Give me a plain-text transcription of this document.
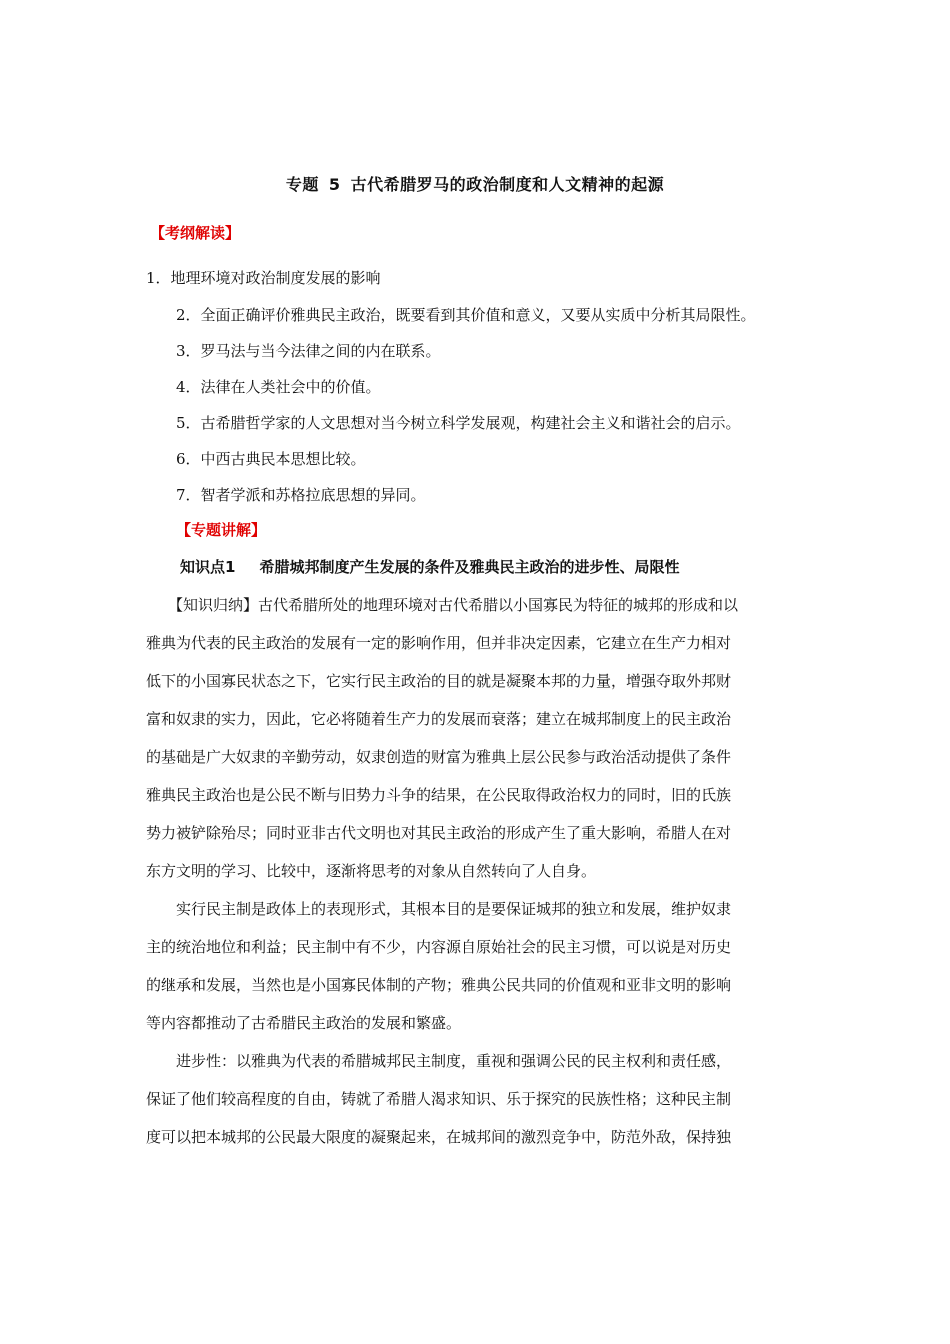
专题 5 古代希腊罗马的政治制度和人文精神的起源
【考纲解读】
1．地理环境对政治制度发展的影响
2．全面正确评价雅典民主政治，既要看到其价值和意义，又要从实质中分析其局限性。
3．罗马法与当今法律之间的内在联系。
4．法律在人类社会中的价值。
5．古希腊哲学家的人文思想对当今树立科学发展观，构建社会主义和谐社会的启示。
6．中西古典民本思想比较。
7．智者学派和苏格拉底思想的异同。
【专题讲解】
知识点1 希腊城邦制度产生发展的条件及雅典民主政治的进步性、局限性
【知识归纳】古代希腊所处的地理环境对古代希腊以小国寡民为特征的城邦的形成和以
雅典为代表的民主政治的发展有一定的影响作用，但并非决定因素，它建立在生产力相对
低下的小国寡民状态之下，它实行民主政治的目的就是凝聚本邦的力量，增强夺取外邦财
富和奴隶的实力，因此，它必将随着生产力的发展而衰落；建立在城邦制度上的民主政治
的基础是广大奴隶的辛勤劳动，奴隶创造的财富为雅典上层公民参与政治活动提供了条件
雅典民主政治也是公民不断与旧势力斗争的结果，在公民取得政治权力的同时，旧的氏族
势力被铲除殆尽；同时亚非古代文明也对其民主政治的形成产生了重大影响，希腊人在对
东方文明的学习、比较中，逐渐将思考的对象从自然转向了人自身。
实行民主制是政体上的表现形式，其根本目的是要保证城邦的独立和发展，维护奴隶
主的统治地位和利益；民主制中有不少，内容源自原始社会的民主习惯，可以说是对历史
的继承和发展，当然也是小国寡民体制的产物；雅典公民共同的价值观和亚非文明的影响
等内容都推动了古希腊民主政治的发展和繁盛。
进步性：以雅典为代表的希腊城邦民主制度，重视和强调公民的民主权利和责任感，
保证了他们较高程度的自由，铸就了希腊人渴求知识、乐于探究的民族性格；这种民主制
度可以把本城邦的公民最大限度的凝聚起来，在城邦间的激烈竞争中，防范外敌，保持独
